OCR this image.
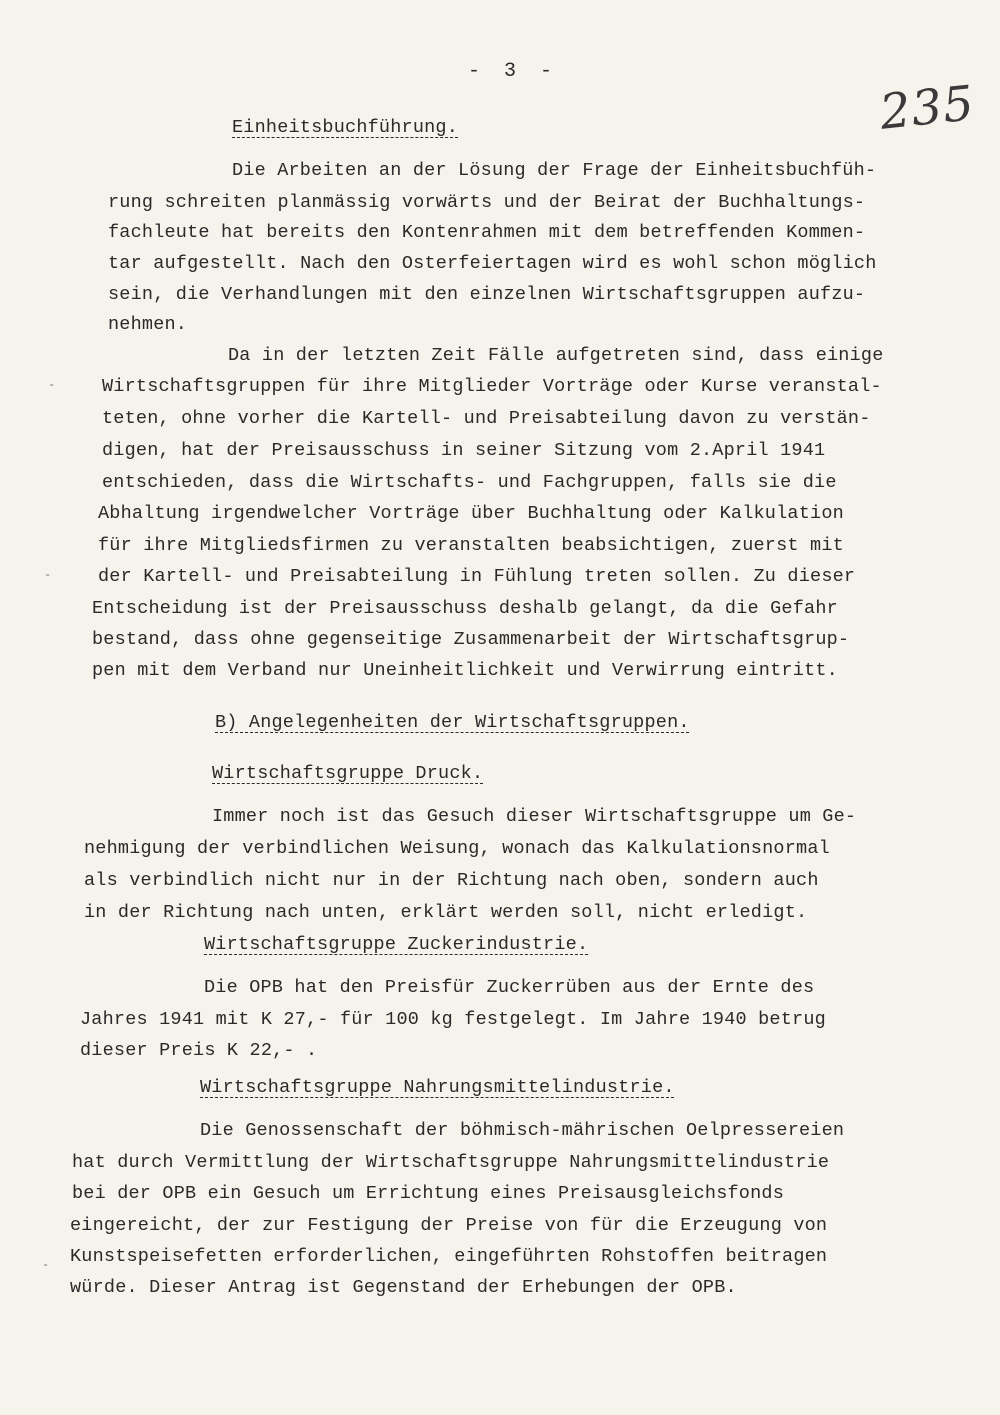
- 3 -
235
-
-
-
Einheitsbuchführung.
Die Arbeiten an der Lösung der Frage der Einheitsbuchfüh-
rung schreiten planmässig vorwärts und der Beirat der Buchhaltungs-
fachleute hat bereits den Kontenrahmen mit dem betreffenden Kommen-
tar aufgestellt. Nach den Osterfeiertagen wird es wohl schon möglich
sein, die Verhandlungen mit den einzelnen Wirtschaftsgruppen aufzu-
nehmen.
Da in der letzten Zeit Fälle aufgetreten sind, dass einige
Wirtschaftsgruppen für ihre Mitglieder Vorträge oder Kurse veranstal-
teten, ohne vorher die Kartell- und Preisabteilung davon zu verstän-
digen, hat der Preisausschuss in seiner Sitzung vom 2.April 1941
entschieden, dass die Wirtschafts- und Fachgruppen, falls sie die
Abhaltung irgendwelcher Vorträge über Buchhaltung oder Kalkulation
für ihre Mitgliedsfirmen zu veranstalten beabsichtigen, zuerst mit
der Kartell- und Preisabteilung in Fühlung treten sollen. Zu dieser
Entscheidung ist der Preisausschuss deshalb gelangt, da die Gefahr
bestand, dass ohne gegenseitige Zusammenarbeit der Wirtschaftsgrup-
pen mit dem Verband nur Uneinheitlichkeit und Verwirrung eintritt.
B) Angelegenheiten der Wirtschaftsgruppen.
Wirtschaftsgruppe Druck.
Immer noch ist das Gesuch dieser Wirtschaftsgruppe um Ge-
nehmigung der verbindlichen Weisung, wonach das Kalkulationsnormal
als verbindlich nicht nur in der Richtung nach oben, sondern auch
in der Richtung nach unten, erklärt werden soll, nicht erledigt.
Wirtschaftsgruppe Zuckerindustrie.
Die OPB hat den Preisfür Zuckerrüben aus der Ernte des
Jahres 1941 mit K 27,- für 100 kg festgelegt. Im Jahre 1940 betrug
dieser Preis K 22,- .
Wirtschaftsgruppe Nahrungsmittelindustrie.
Die Genossenschaft der böhmisch-mährischen Oelpressereien
hat durch Vermittlung der Wirtschaftsgruppe Nahrungsmittelindustrie
bei der OPB ein Gesuch um Errichtung eines Preisausgleichsfonds
eingereicht, der zur Festigung der Preise von für die Erzeugung von
Kunstspeisefetten erforderlichen, eingeführten Rohstoffen beitragen
würde. Dieser Antrag ist Gegenstand der Erhebungen der OPB.
